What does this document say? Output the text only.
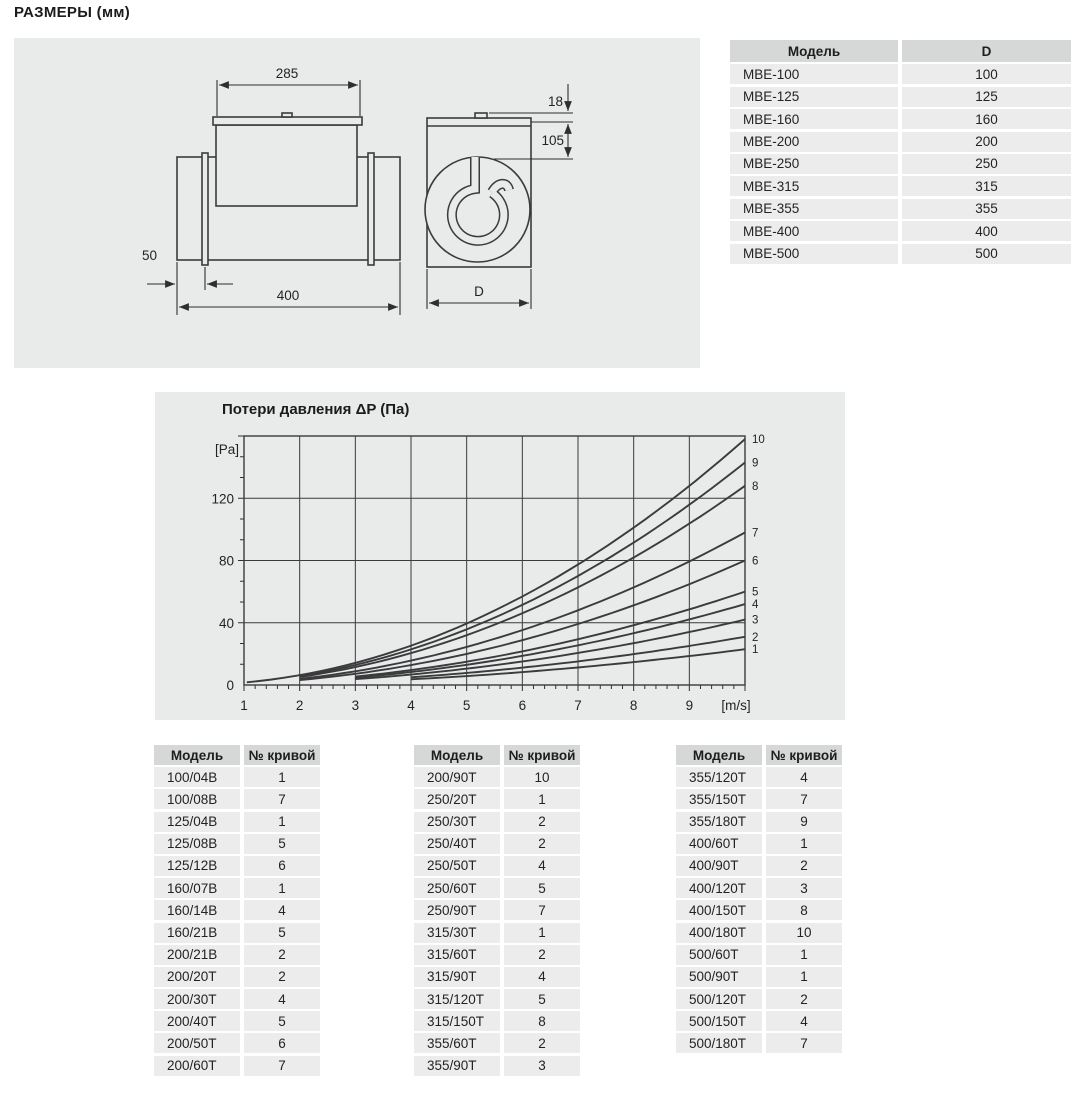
РАЗМЕРЫ (мм)
285
50
400
18
105
D
Модель	D
МВЕ-100	100
МВЕ-125	125
МВЕ-160	160
МВЕ-200	200
МВЕ-250	250
МВЕ-315	315
МВЕ-355	355
МВЕ-400	400
МВЕ-500	500
Потери давления ΔP (Па)
1
2
3
4
5
6
7
8
9
10
1	2	3	4	5	6	7	8	9
0
40
80
120
[Pa]
[m/s]
Модель	№ кривой
100/04В	1
100/08В	7
125/04В	1
125/08В	5
125/12В	6
160/07В	1
160/14В	4
160/21В	5
200/21В	2
200/20Т	2
200/30Т	4
200/40Т	5
200/50Т	6
200/60Т	7
Модель	№ кривой
200/90Т	10
250/20Т	1
250/30Т	2
250/40Т	2
250/50Т	4
250/60Т	5
250/90Т	7
315/30Т	1
315/60Т	2
315/90Т	4
315/120Т	5
315/150Т	8
355/60Т	2
355/90Т	3
Модель	№ кривой
355/120Т	4
355/150Т	7
355/180Т	9
400/60Т	1
400/90Т	2
400/120Т	3
400/150Т	8
400/180Т	10
500/60Т	1
500/90Т	1
500/120Т	2
500/150Т	4
500/180Т	7
